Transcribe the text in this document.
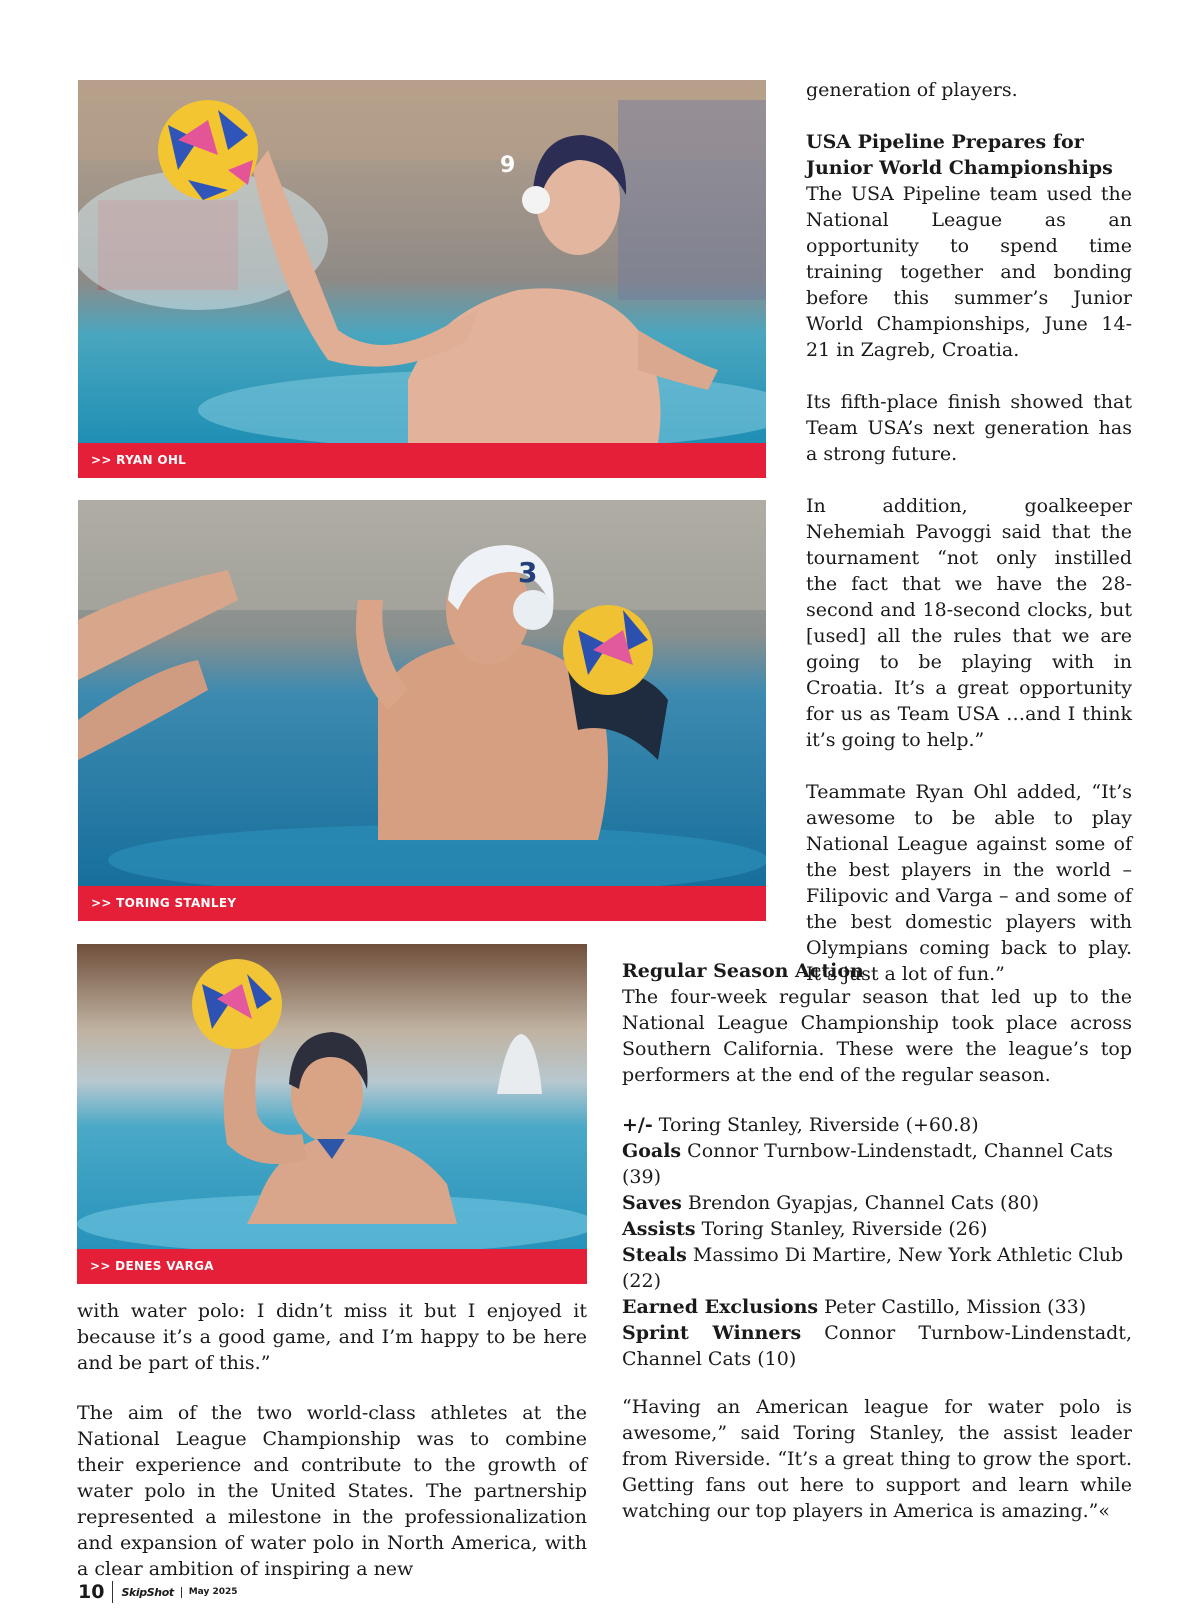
9
>> RYAN OHL
3
>> TORING STANLEY
>> DENES VARGA

generation of players.

USA Pipeline Prepares for Junior World Championships

The USA Pipeline team used the National League as an opportunity to spend time training together and bonding before this summer’s Junior World Championships, June 14-21 in Zagreb, Croatia.

Its fifth-place finish showed that Team USA’s next generation has a strong future.

In addition, goalkeeper Nehemiah Pavoggi said that the tournament “not only instilled the fact that we have the 28-second and 18-second clocks, but [used] all the rules that we are going to be playing with in Croatia. It’s a great opportunity for us as Team USA …and I think it’s going to help.”

Teammate Ryan Ohl added, “It’s awesome to be able to play National League against some of the best players in the world – Filipovic and Varga – and some of the best domestic players with Olympians coming back to play. It’s just a lot of fun.”

Regular Season Action

The four-week regular season that led up to the National League Championship took place across Southern California. These were the league’s top performers at the end of the regular season.

+/- Toring Stanley, Riverside (+60.8)

Goals Connor Turnbow-Lindenstadt, Channel Cats (39)

Saves Brendon Gyapjas, Channel Cats (80)

Assists Toring Stanley, Riverside (26)

Steals Massimo Di Martire, New York Athletic Club (22)

Earned Exclusions Peter Castillo, Mission (33)

Sprint Winners Connor Turnbow-Lindenstadt, Channel Cats (10)

“Having an American league for water polo is awesome,” said Toring Stanley, the assist leader from Riverside. “It’s a great thing to grow the sport. Getting fans out here to support and learn while watching our top players in America is amazing.”«

with water polo: I didn’t miss it but I enjoyed it because it’s a good game, and I’m happy to be here and be part of this.”

The aim of the two world-class athletes at the National League Championship was to combine their experience and contribute to the growth of water polo in the United States. The partnership represented a milestone in the professionalization and expansion of water polo in North America, with a clear ambition of inspiring a new

10 SkipShot May 2025
